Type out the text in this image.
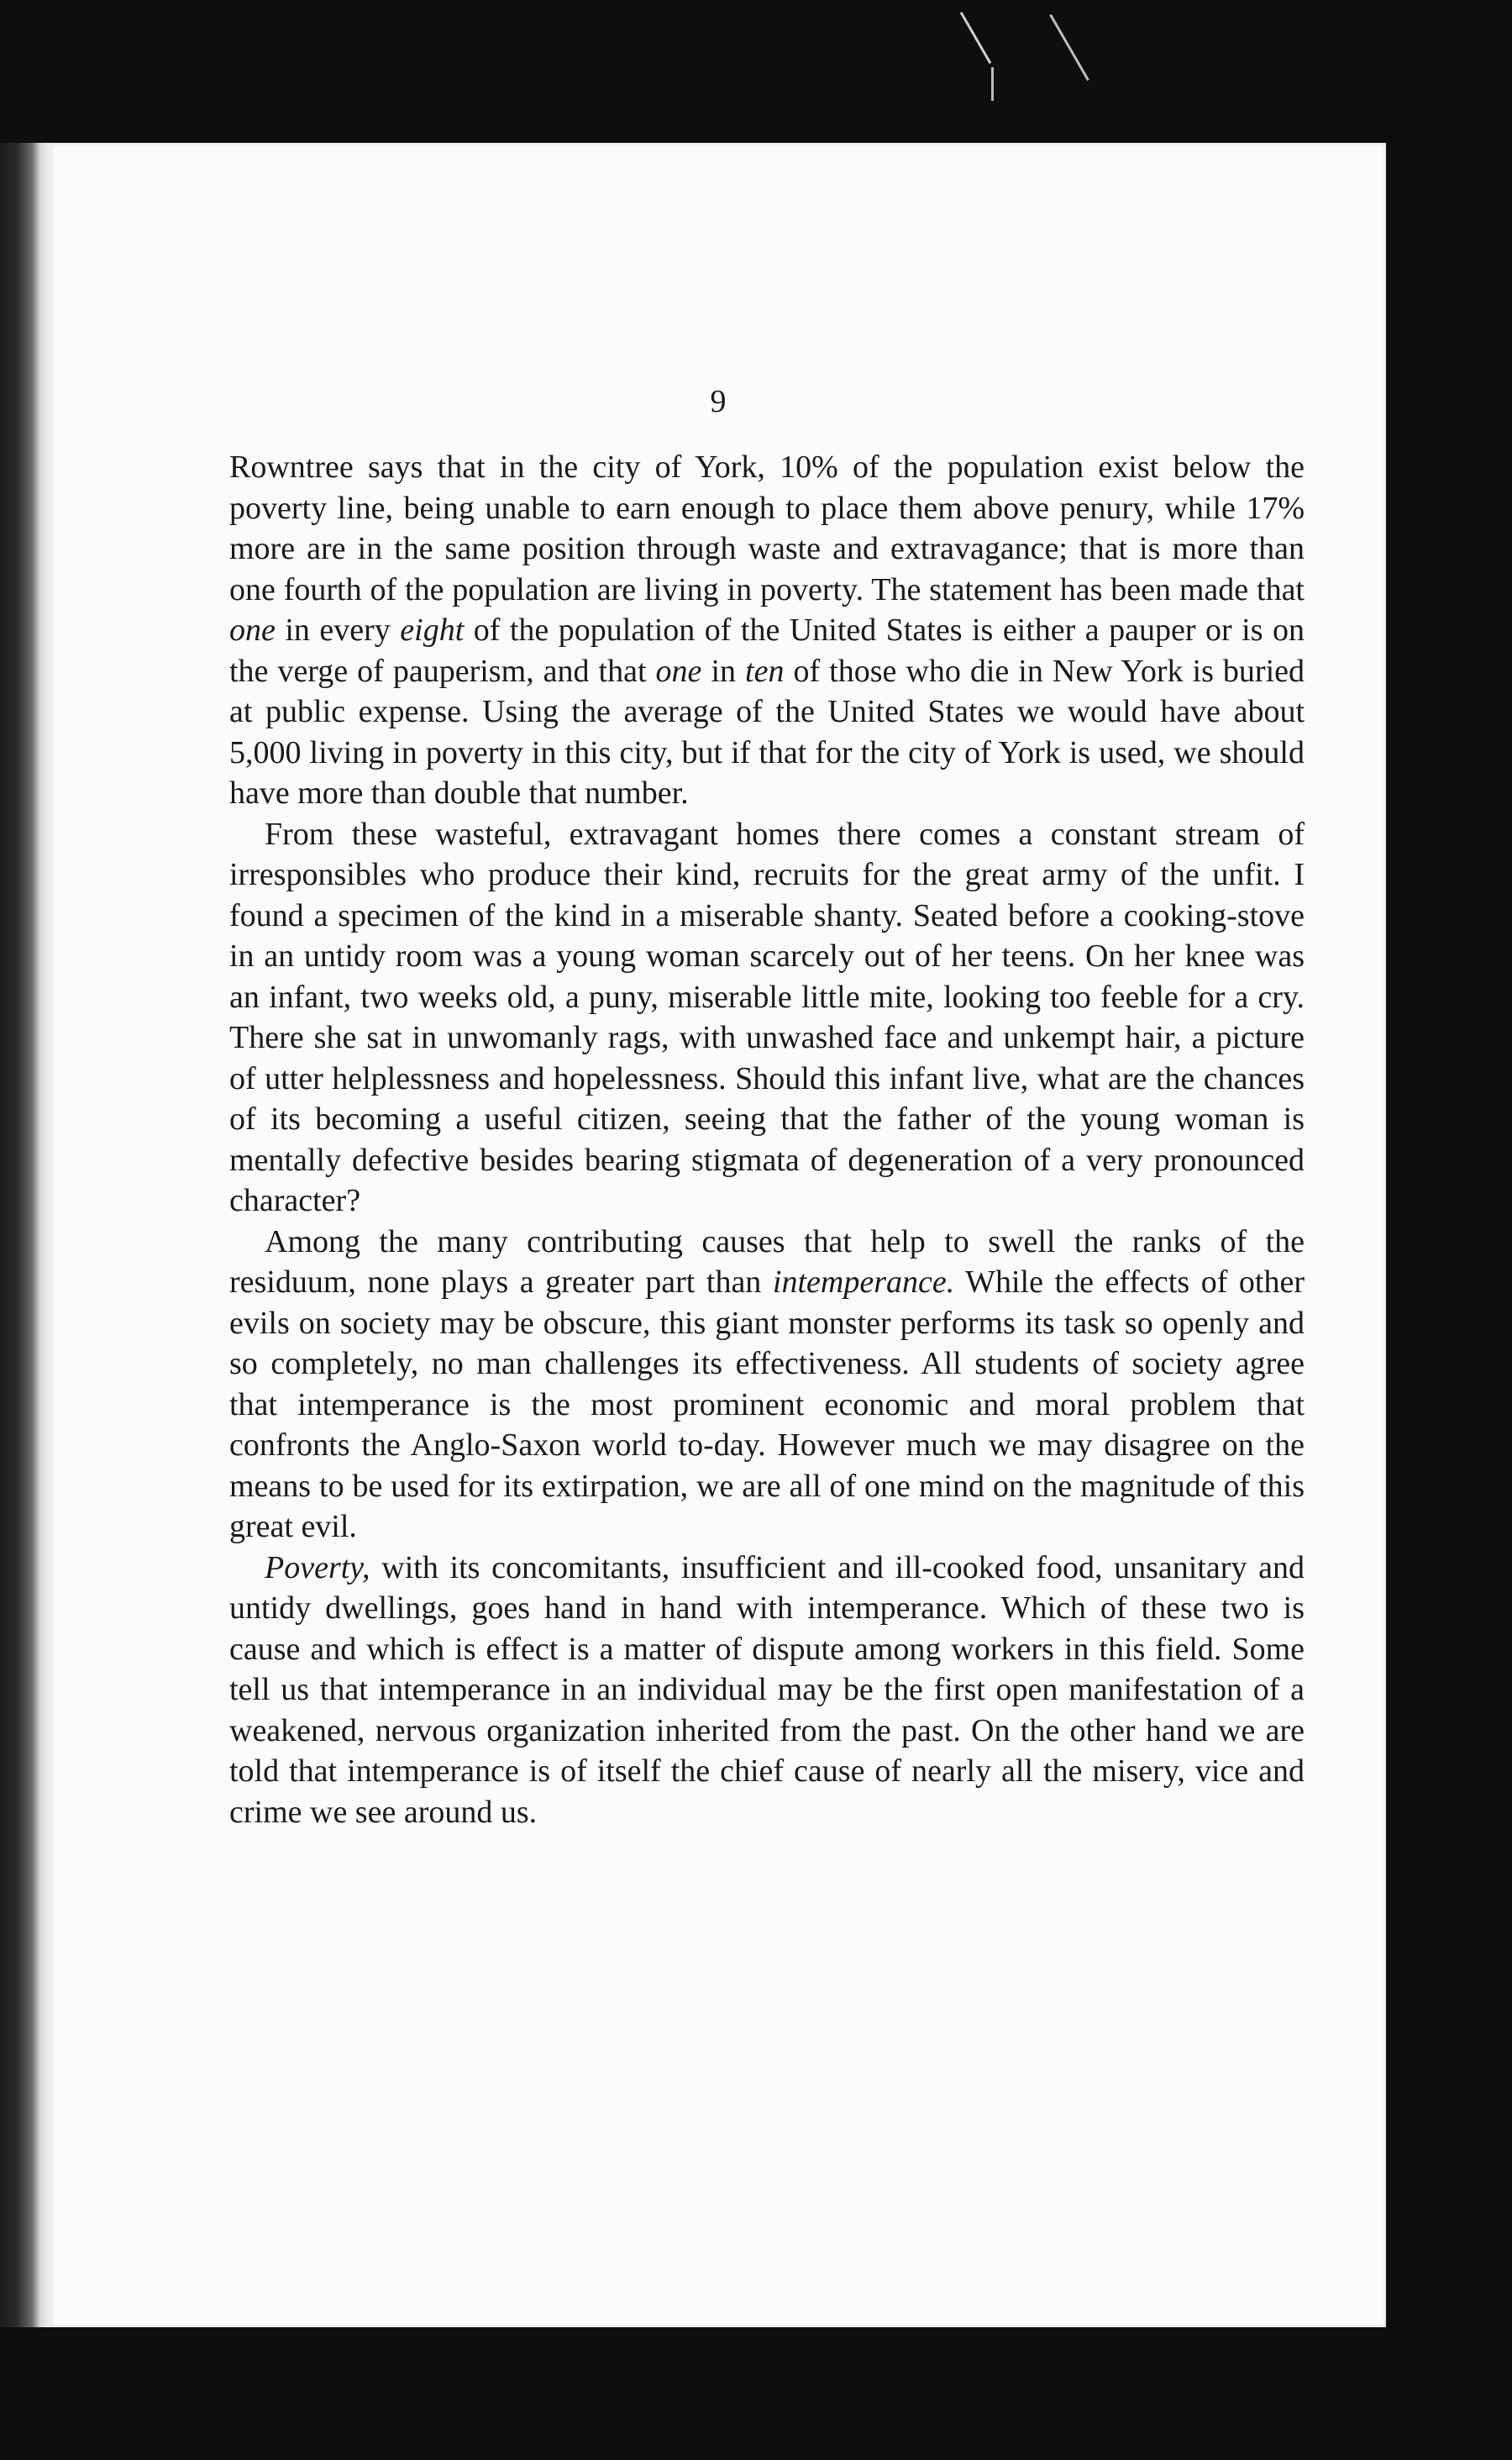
9

Rowntree says that in the city of York, 10% of the population exist below the poverty line, being unable to earn enough to place them above penury, while 17% more are in the same position through waste and extravagance; that is more than one fourth of the population are living in poverty. The statement has been made that one in every eight of the population of the United States is either a pauper or is on the verge of pauperism, and that one in ten of those who die in New York is buried at public expense. Using the average of the United States we would have about 5,000 living in poverty in this city, but if that for the city of York is used, we should have more than double that number.

From these wasteful, extravagant homes there comes a constant stream of irresponsibles who produce their kind, recruits for the great army of the unfit. I found a specimen of the kind in a miserable shanty. Seated before a cooking-stove in an untidy room was a young woman scarcely out of her teens. On her knee was an infant, two weeks old, a puny, miserable little mite, looking too feeble for a cry. There she sat in unwomanly rags, with unwashed face and unkempt hair, a picture of utter helplessness and hopelessness. Should this infant live, what are the chances of its becoming a useful citizen, seeing that the father of the young woman is mentally defective besides bearing stigmata of degeneration of a very pronounced character?

Among the many contributing causes that help to swell the ranks of the residuum, none plays a greater part than intemperance. While the effects of other evils on society may be obscure, this giant monster performs its task so openly and so completely, no man challenges its effectiveness. All students of society agree that intemperance is the most prominent economic and moral problem that confronts the Anglo-Saxon world to-day. However much we may disagree on the means to be used for its extirpation, we are all of one mind on the magnitude of this great evil.

Poverty, with its concomitants, insufficient and ill-cooked food, unsanitary and untidy dwellings, goes hand in hand with intemperance. Which of these two is cause and which is effect is a matter of dispute among workers in this field. Some tell us that intemperance in an individual may be the first open manifestation of a weakened, nervous organization inherited from the past. On the other hand we are told that intemperance is of itself the chief cause of nearly all the misery, vice and crime we see around us.
